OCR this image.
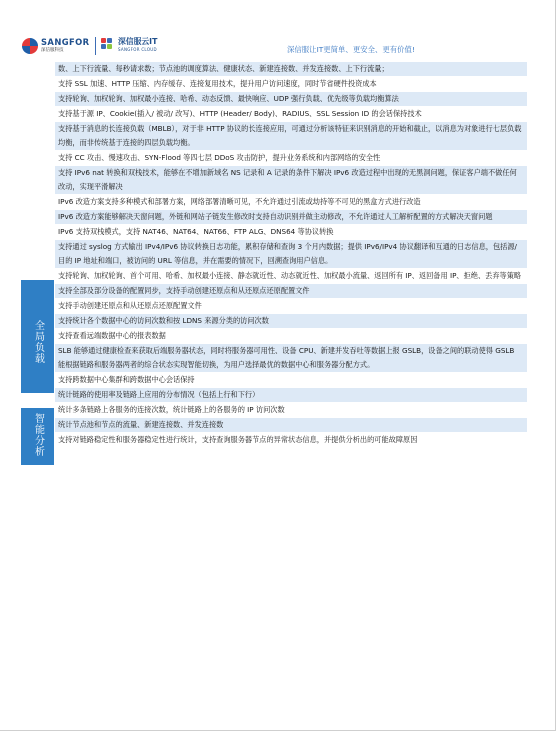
SANGFOR
深信服科技
深信服云IT
SANGFOR CLOUD	深信服让IT更简单、更安全、更有价值!
全局负载
智能分析
数、上下行流量、每秒请求数；节点池的调度算法、健康状态、新建连接数、并发连接数、上下行流量；
支持 SSL 加速、HTTP 压缩、内存缓存、连接复用技术，提升用户访问速度，同时节省硬件投资成本
支持轮询、加权轮询、加权最小连接、哈希、动态反馈、最快响应、UDP 强行负载、优先级等负载均衡算法
支持基于源 IP、Cookie(插入/ 被动/ 改写)、HTTP (Header/ Body)、RADIUS、SSL Session ID 的会话保持技术
支持基于消息的长连接负载（MBLB），对于非 HTTP 协议的长连接应用，可通过分析该特征来识别消息的开始和截止，以消息为对象进行七层负载均衡，而非传统基于连接的四层负载均衡。
支持 CC 攻击、慢速攻击、SYN-Flood 等四七层 DDoS 攻击防护，提升业务系统和内部网络的安全性
支持 IPv6 nat 转换和双栈技术，能够在不增加新域名 NS 记录和 A 记录的条件下解决 IPv6 改造过程中出现的无黑洞问题，保证客户端不做任何改动，实现平滑解决
IPv6 改造方案支持多种模式和部署方案，网络部署清晰可见，不允许通过引流或劫持等不可见的黑盒方式进行改造
IPv6 改造方案能够解决天窗问题，外链和网站子链发生修改时支持自动识别并做主动修改，不允许通过人工解析配置的方式解决天窗问题
IPv6 支持双栈模式，支持 NAT46、NAT64、NAT66、FTP ALG、DNS64 等协议转换
支持通过 syslog 方式输出 IPv4/IPv6 协议转换日志功能，累积存储和查询 3 个月内数据；提供 IPv6/IPv4 协议翻译和互通的日志信息，包括源/目的 IP 地址和端口，被访问的 URL 等信息，并在需要的情况下，回溯查询用户信息。
支持轮询、加权轮询、首个可用、哈希、加权最小连接、静态就近性、动态就近性、加权最小流量、返回所有 IP、返回备用 IP、拒绝、丢弃等策略
支持全部及部分设备的配置同步，支持手动创建还原点和从还原点还原配置文件
支持手动创建还原点和从还原点还原配置文件
支持统计各个数据中心的访问次数和按 LDNS 来源分类的访问次数
支持查看远端数据中心的报表数据
SLB 能够通过健康检查来获取后端服务器状态，同时将服务器可用性、设备 CPU、新建并发吞吐等数据上报 GSLB，设备之间的联动使得 GSLB 能根据链路和服务器两者的综合状态实现智能切换，为用户选择最优的数据中心和服务器分配方式。
支持跨数据中心集群和跨数据中心会话保持
统计链路的使用率及链路上应用的分布情况（包括上行和下行）
统计多条链路上各服务的连接次数，统计链路上的各服务的 IP 访问次数
统计节点池和节点的流量、新建连接数、并发连接数
支持对链路稳定性和服务器稳定性进行统计，支持查询服务器节点的异常状态信息，并提供分析出的可能故障原因
